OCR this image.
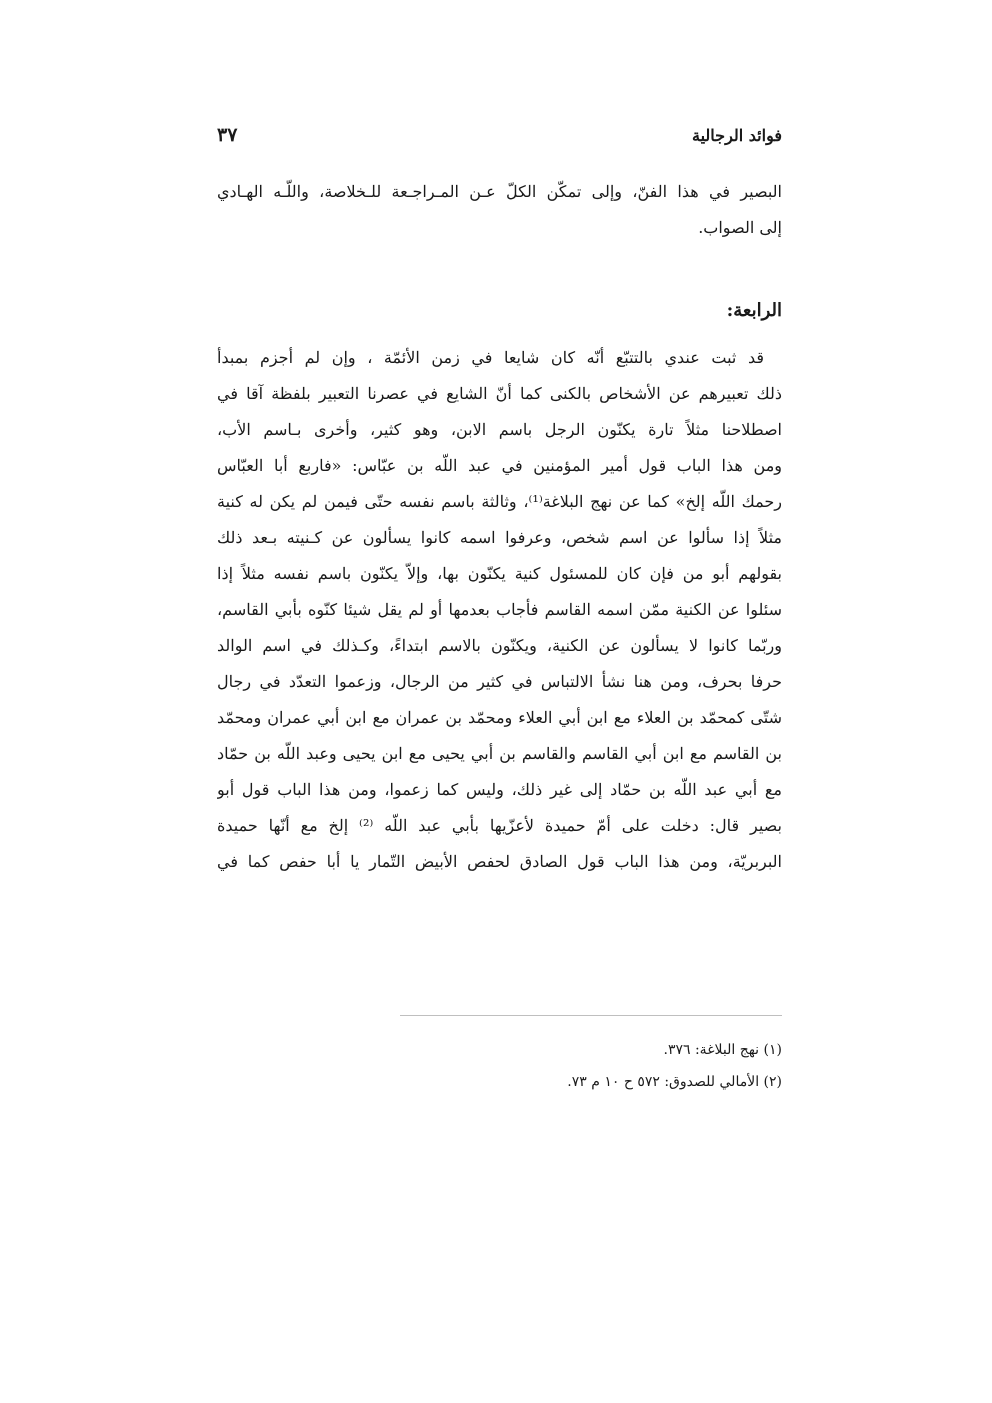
فوائد الرجالية
٣٧
البصير في هذا الفنّ، وإلى تمكّن الكلّ عـن المـراجـعة للـخلاصة، واللّـه الهـادي
إلى الصواب.
الرابعة:
قد ثبت عندي بالتتبّع أنّه كان شايعا في زمن الأئمّة ، وإن لم أجزم بمبدأ
ذلك تعبيرهم عن الأشخاص بالكنى كما أنّ الشايع في عصرنا التعبير بلفظة آقا في
اصطلاحنا مثلاً تارة يكنّون الرجل باسم الابن، وهو كثير، وأخرى بـاسم الأب،
ومن هذا الباب قول أمير المؤمنين في عبد اللّه بن عبّاس: «فاربع أبا العبّاس
رحمك اللّه إلخ» كما عن نهج البلاغة⁽¹⁾، وثالثة باسم نفسه حتّى فيمن لم يكن له كنية
مثلاً إذا سألوا عن اسم شخص، وعرفوا اسمه كانوا يسألون عن كـنيته بـعد ذلك
بقولهم أبو من فإن كان للمسئول كنية يكنّون بها، وإلاّ يكنّون باسم نفسه مثلاً إذا
سئلوا عن الكنية ممّن اسمه القاسم فأجاب بعدمها أو لم يقل شيئا كنّوه بأبي القاسم،
وربّما كانوا لا يسألون عن الكنية، ويكنّون بالاسم ابتداءً، وكـذلك في اسم الوالد
حرفا بحرف، ومن هنا نشأ الالتباس في كثير من الرجال، وزعموا التعدّد في رجال
شتّى كمحمّد بن العلاء مع ابن أبي العلاء ومحمّد بن عمران مع ابن أبي عمران ومحمّد
بن القاسم مع ابن أبي القاسم والقاسم بن أبي يحيى مع ابن يحيى وعبد اللّه بن حمّاد
مع أبي عبد اللّه بن حمّاد إلى غير ذلك، وليس كما زعموا، ومن هذا الباب قول أبو
بصير قال: دخلت على أمّ حميدة لأعزّيها بأبي عبد اللّه ⁽²⁾ إلخ مع أنّها حميدة
البربريّة، ومن هذا الباب قول الصادق لحفص الأبيض التّمار يا أبا حفص كما في
(١) نهج البلاغة: ٣٧٦.
(٢) الأمالي للصدوق: ٥٧٢ ح ١٠ م ٧٣.
